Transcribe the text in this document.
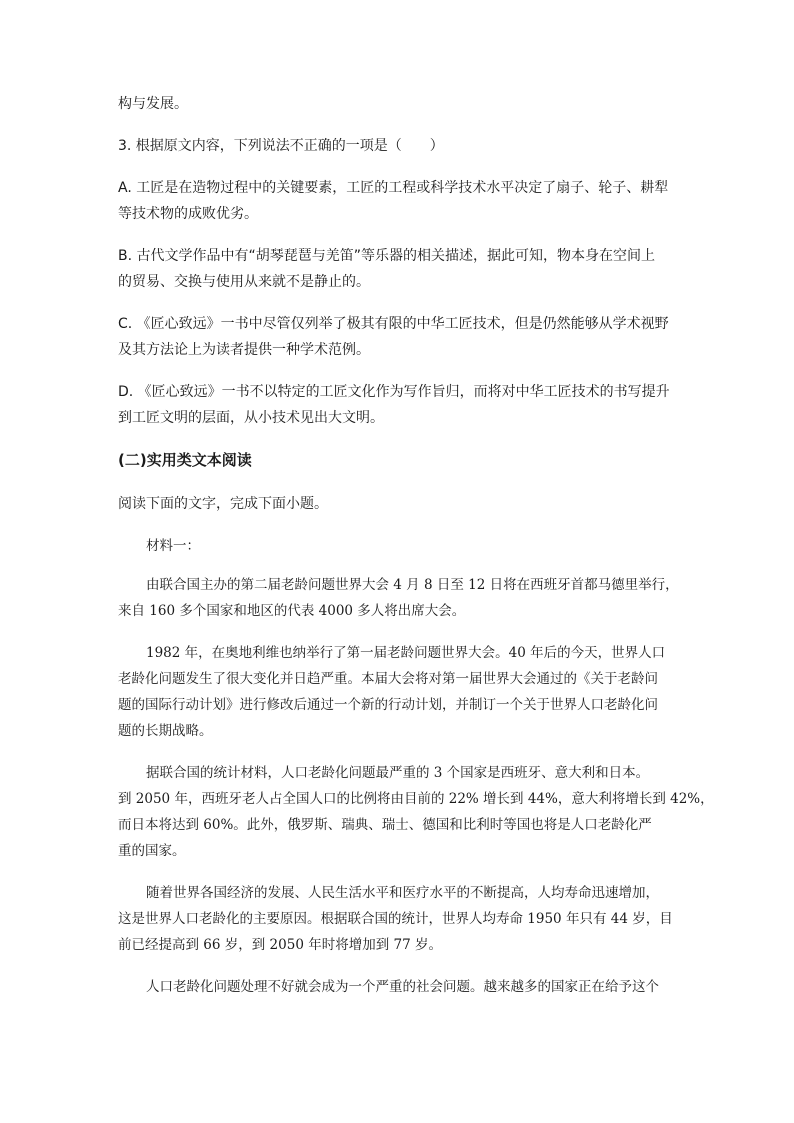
构与发展。
3. 根据原文内容，下列说法不正确的一项是（　　）
A. 工匠是在造物过程中的关键要素，工匠的工程或科学技术水平决定了扇子、轮子、耕犁
等技术物的成败优劣。
B. 古代文学作品中有“胡琴琵琶与羌笛”等乐器的相关描述，据此可知，物本身在空间上
的贸易、交换与使用从来就不是静止的。
C. 《匠心致远》一书中尽管仅列举了极其有限的中华工匠技术，但是仍然能够从学术视野
及其方法论上为读者提供一种学术范例。
D. 《匠心致远》一书不以特定的工匠文化作为写作旨归，而将对中华工匠技术的书写提升
到工匠文明的层面，从小技术见出大文明。
(二)实用类文本阅读
阅读下面的文字，完成下面小题。
材料一：
由联合国主办的第二届老龄问题世界大会 4 月 8 日至 12 日将在西班牙首都马德里举行，
来自 160 多个国家和地区的代表 4000 多人将出席大会。
1982 年，在奥地利维也纳举行了第一届老龄问题世界大会。40 年后的今天，世界人口
老龄化问题发生了很大变化并日趋严重。本届大会将对第一届世界大会通过的《关于老龄问
题的国际行动计划》进行修改后通过一个新的行动计划，并制订一个关于世界人口老龄化问
题的长期战略。
据联合国的统计材料，人口老龄化问题最严重的 3 个国家是西班牙、意大利和日本。
到 2050 年，西班牙老人占全国人口的比例将由目前的 22% 增长到 44%，意大利将增长到 42%，
而日本将达到 60%。此外，俄罗斯、瑞典、瑞士、德国和比利时等国也将是人口老龄化严
重的国家。
随着世界各国经济的发展、人民生活水平和医疗水平的不断提高，人均寿命迅速增加，
这是世界人口老龄化的主要原因。根据联合国的统计，世界人均寿命 1950 年只有 44 岁，目
前已经提高到 66 岁，到 2050 年时将增加到 77 岁。
人口老龄化问题处理不好就会成为一个严重的社会问题。越来越多的国家正在给予这个
